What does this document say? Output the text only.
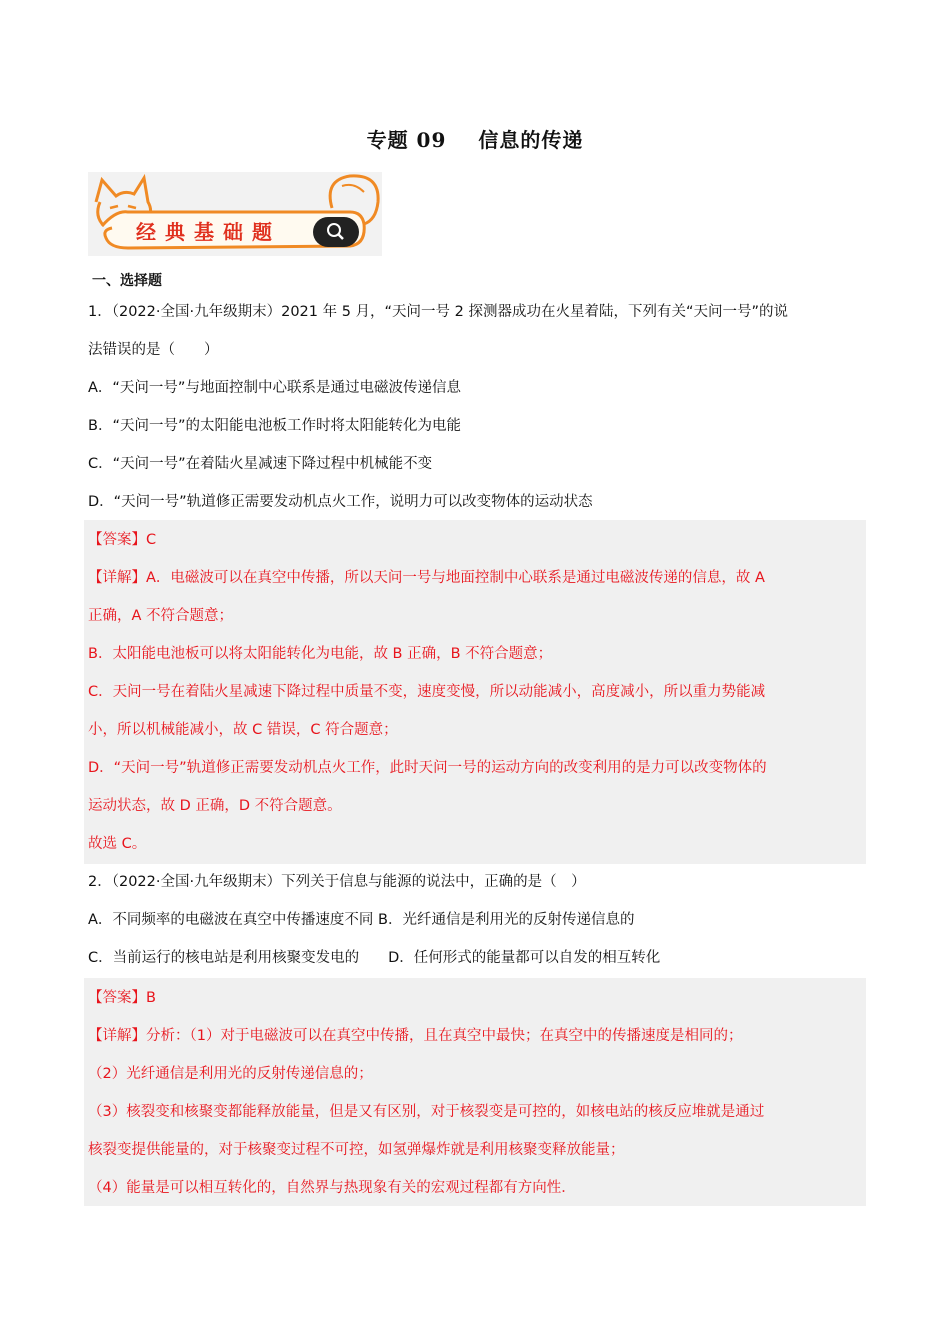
专题 09 信息的传递
经典基础题
一、选择题
1．（2022·全国·九年级期末）2021 年 5 月，“天问一号 2 探测器成功在火星着陆，下列有关“天问一号”的说
法错误的是（　　）
A．“天问一号”与地面控制中心联系是通过电磁波传递信息
B．“天问一号”的太阳能电池板工作时将太阳能转化为电能
C．“天问一号”在着陆火星减速下降过程中机械能不变
D．“天问一号”轨道修正需要发动机点火工作，说明力可以改变物体的运动状态
【答案】C
【详解】A．电磁波可以在真空中传播，所以天问一号与地面控制中心联系是通过电磁波传递的信息，故 A
正确，A 不符合题意；
B．太阳能电池板可以将太阳能转化为电能，故 B 正确，B 不符合题意；
C．天问一号在着陆火星减速下降过程中质量不变，速度变慢，所以动能减小，高度减小，所以重力势能减
小，所以机械能减小，故 C 错误，C 符合题意；
D．“天问一号”轨道修正需要发动机点火工作，此时天问一号的运动方向的改变利用的是力可以改变物体的
运动状态，故 D 正确，D 不符合题意。
故选 C。
2．（2022·全国·九年级期末）下列关于信息与能源的说法中，正确的是（　）
A．不同频率的电磁波在真空中传播速度不同 B．光纤通信是利用光的反射传递信息的
C．当前运行的核电站是利用核聚变发电的　　D．任何形式的能量都可以自发的相互转化
【答案】B
【详解】分析：（1）对于电磁波可以在真空中传播，且在真空中最快；在真空中的传播速度是相同的；
（2）光纤通信是利用光的反射传递信息的；
（3）核裂变和核聚变都能释放能量，但是又有区别，对于核裂变是可控的，如核电站的核反应堆就是通过
核裂变提供能量的，对于核聚变过程不可控，如氢弹爆炸就是利用核聚变释放能量；
（4）能量是可以相互转化的，自然界与热现象有关的宏观过程都有方向性．
